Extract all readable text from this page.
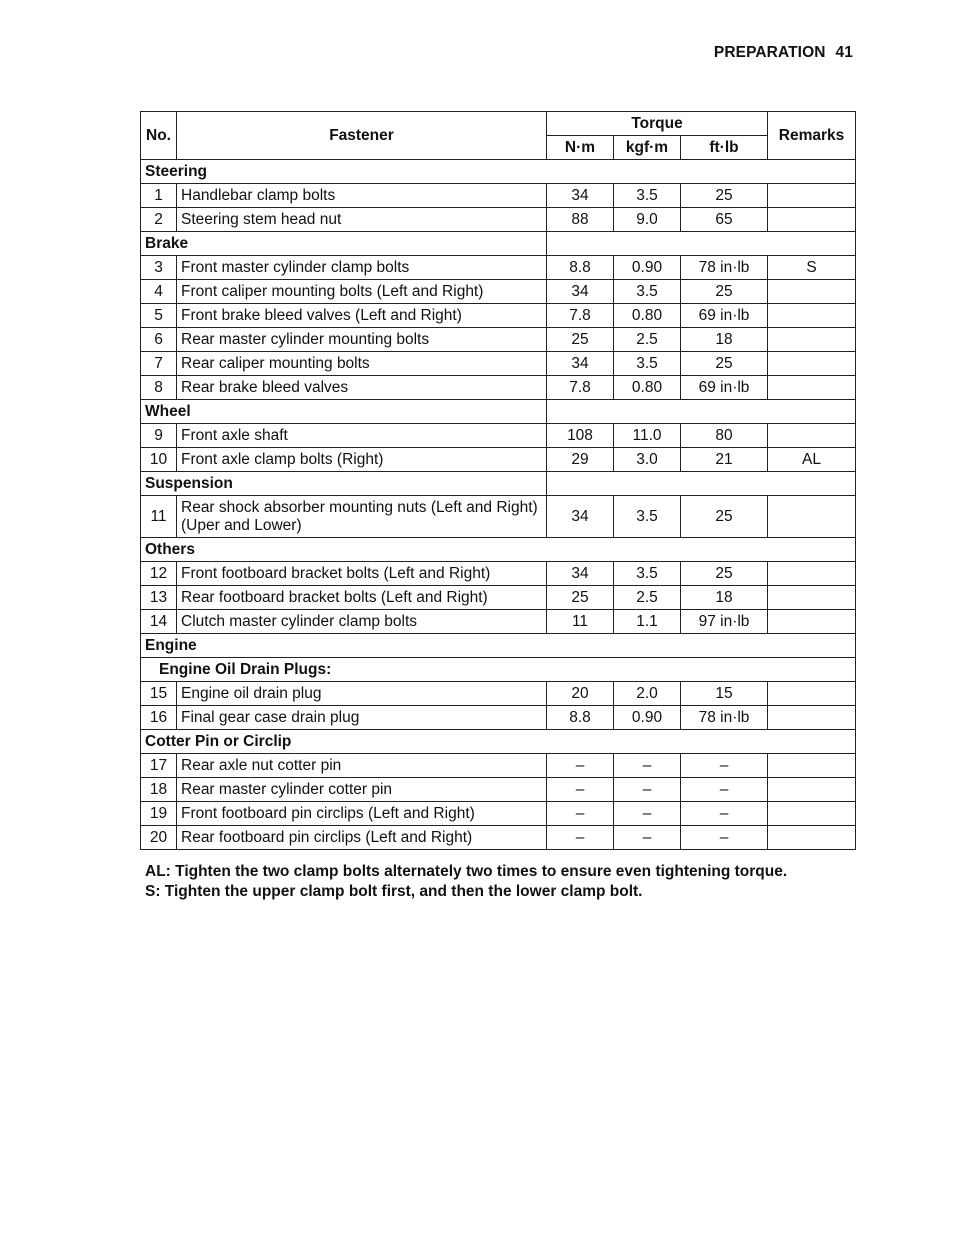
PREPARATION 41
No.	Fastener	Torque			Remarks
		N·m	kgf·m	ft·lb	
Steering					
1	Handlebar clamp bolts	34	3.5	25	
2	Steering stem head nut	88	9.0	65	
Brake					
3	Front master cylinder clamp bolts	8.8	0.90	78 in·lb	S
4	Front caliper mounting bolts (Left and Right)	34	3.5	25	
5	Front brake bleed valves (Left and Right)	7.8	0.80	69 in·lb	
6	Rear master cylinder mounting bolts	25	2.5	18	
7	Rear caliper mounting bolts	34	3.5	25	
8	Rear brake bleed valves	7.8	0.80	69 in·lb	
Wheel					
9	Front axle shaft	108	11.0	80	
10	Front axle clamp bolts (Right)	29	3.0	21	AL
Suspension					
11	Rear shock absorber mounting nuts (Left and Right)(Uper and Lower)	34	3.5	25	
Others					
12	Front footboard bracket bolts (Left and Right)	34	3.5	25	
13	Rear footboard bracket bolts (Left and Right)	25	2.5	18	
14	Clutch master cylinder clamp bolts	11	1.1	97 in·lb	
Engine					
Engine Oil Drain Plugs:					
15	Engine oil drain plug	20	2.0	15	
16	Final gear case drain plug	8.8	0.90	78 in·lb	
Cotter Pin or Circlip					
17	Rear axle nut cotter pin	–	–	–	
18	Rear master cylinder cotter pin	–	–	–	
19	Front footboard pin circlips (Left and Right)	–	–	–	
20	Rear footboard pin circlips (Left and Right)	–	–	–	
AL: Tighten the two clamp bolts alternately two times to ensure even tightening torque.
S: Tighten the upper clamp bolt first, and then the lower clamp bolt.
